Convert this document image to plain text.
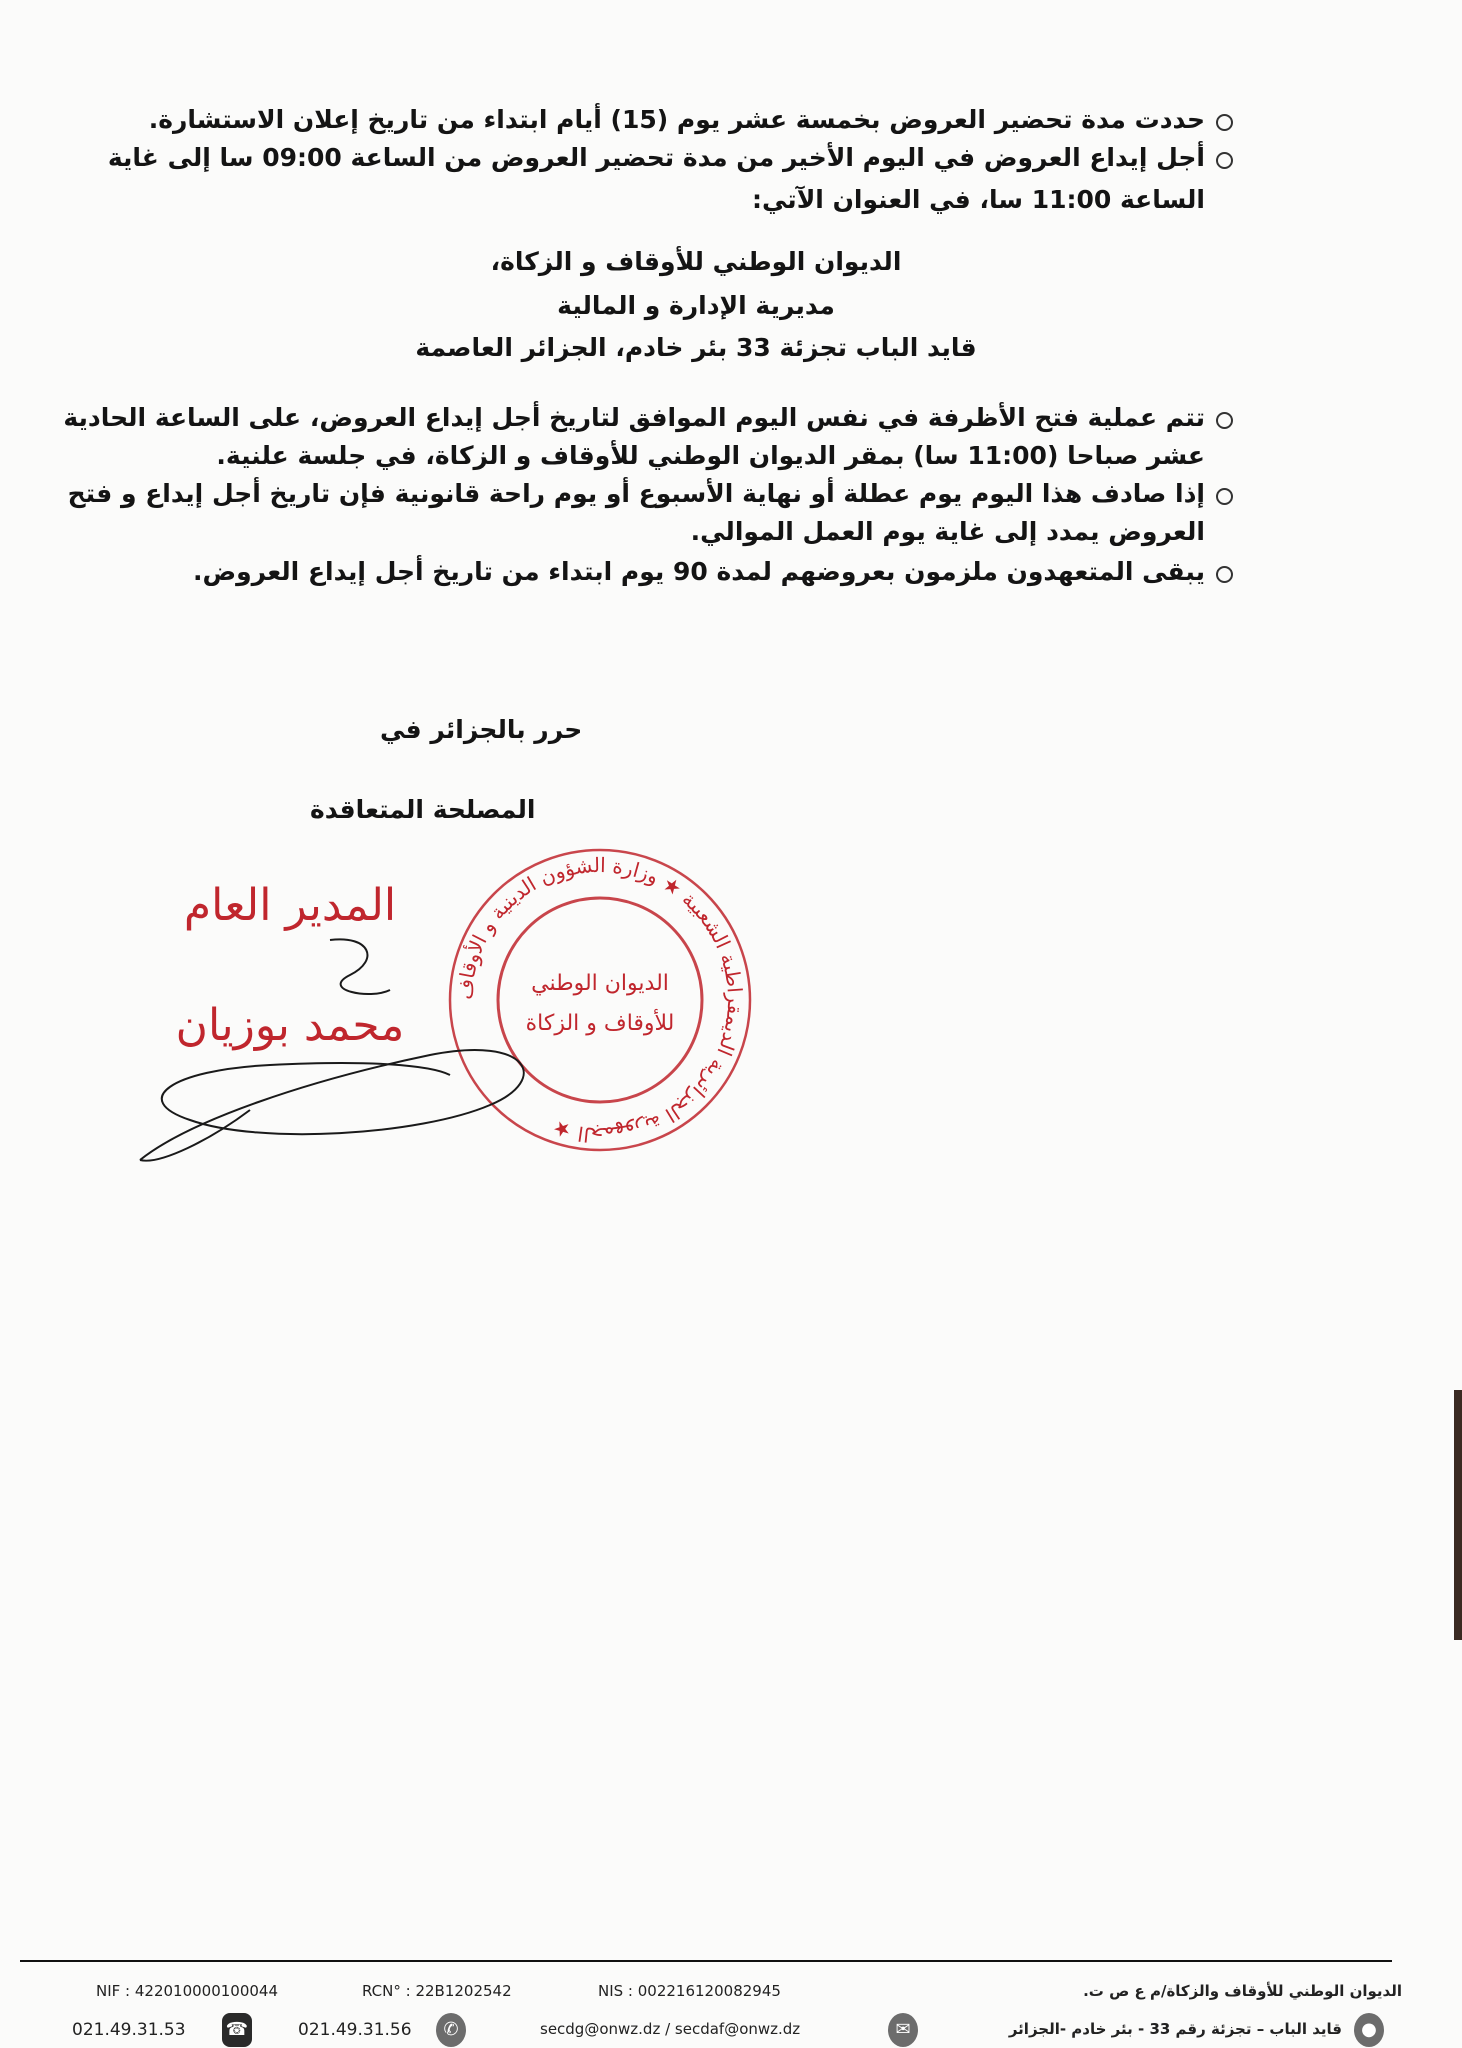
حددت مدة تحضير العروض بخمسة عشر يوم (15) أيام ابتداء من تاريخ إعلان الاستشارة.
أجل إيداع العروض في اليوم الأخير من مدة تحضير العروض من الساعة 09:00 سا إلى غاية
الساعة 11:00 سا، في العنوان الآتي:
الديوان الوطني للأوقاف و الزكاة،
مديرية الإدارة و المالية
قايد الباب تجزئة 33 بئر خادم، الجزائر العاصمة
تتم عملية فتح الأظرفة في نفس اليوم الموافق لتاريخ أجل إيداع العروض، على الساعة الحادية
عشر صباحا (11:00 سا) بمقر الديوان الوطني للأوقاف و الزكاة، في جلسة علنية.
إذا صادف هذا اليوم يوم عطلة أو نهاية الأسبوع أو يوم راحة قانونية فإن تاريخ أجل إيداع و فتح
العروض يمدد إلى غاية يوم العمل الموالي.
يبقى المتعهدون ملزمون بعروضهم لمدة 90 يوم ابتداء من تاريخ أجل إيداع العروض.
حرر بالجزائر في
المصلحة المتعاقدة
الجمهورية الجزائرية الديمقراطية الشعبية ★ وزارة الشؤون الدينية و الأوقاف ★
الديوان الوطني
للأوقاف و الزكاة
المدير العام
محمد بوزيان
الديوان الوطني للأوقاف والزكاة/م ع ص ت.
NIS : 002216120082945
RCN° : 22B1202542
NIF : 422010000100044
●
قايد الباب – تجزئة رقم 33 - بئر خادم -الجزائر
✉
secdg@onwz.dz / secdaf@onwz.dz
✆
021.49.31.56
☎
021.49.31.53
